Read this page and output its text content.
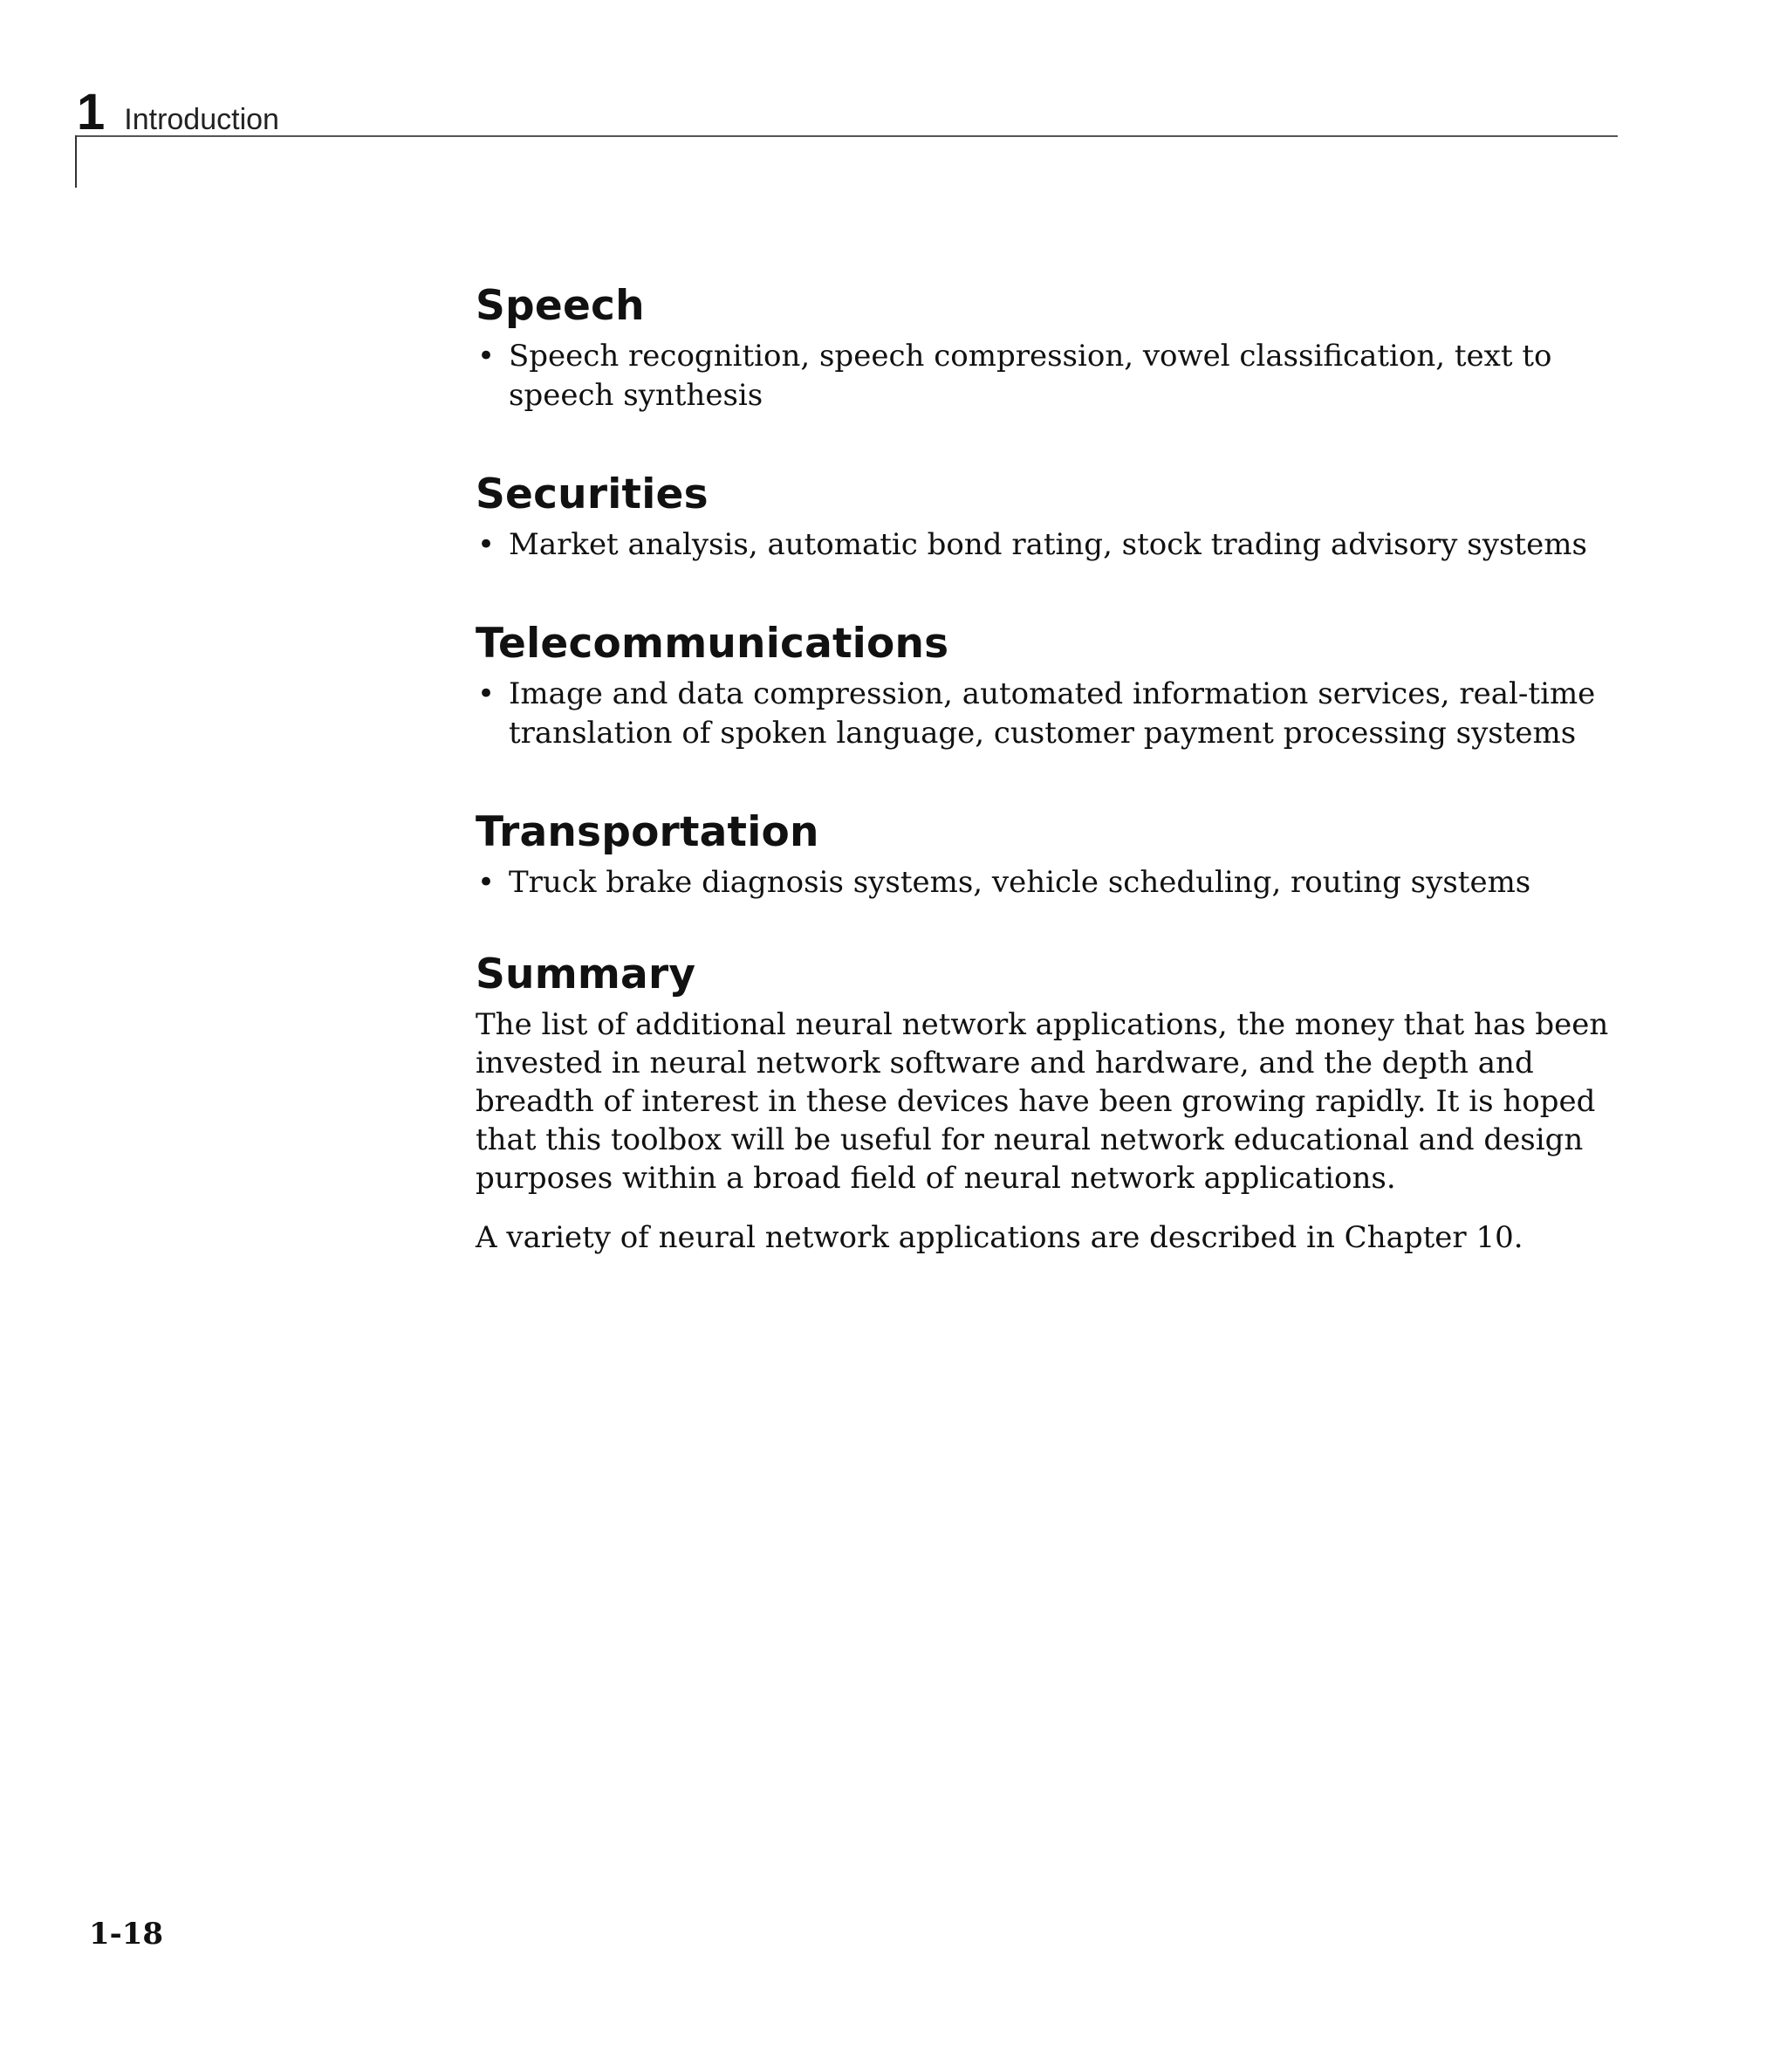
1 Introduction
Speech
• Speech recognition, speech compression, vowel classification, text to speech synthesis
Securities
• Market analysis, automatic bond rating, stock trading advisory systems
Telecommunications
• Image and data compression, automated information services, real-time translation of spoken language, customer payment processing systems
Transportation
• Truck brake diagnosis systems, vehicle scheduling, routing systems
Summary

The list of additional neural network applications, the money that has been invested in neural network software and hardware, and the depth and breadth of interest in these devices have been growing rapidly. It is hoped that this toolbox will be useful for neural network educational and design purposes within a broad field of neural network applications.

A variety of neural network applications are described in Chapter 10.

1-18
